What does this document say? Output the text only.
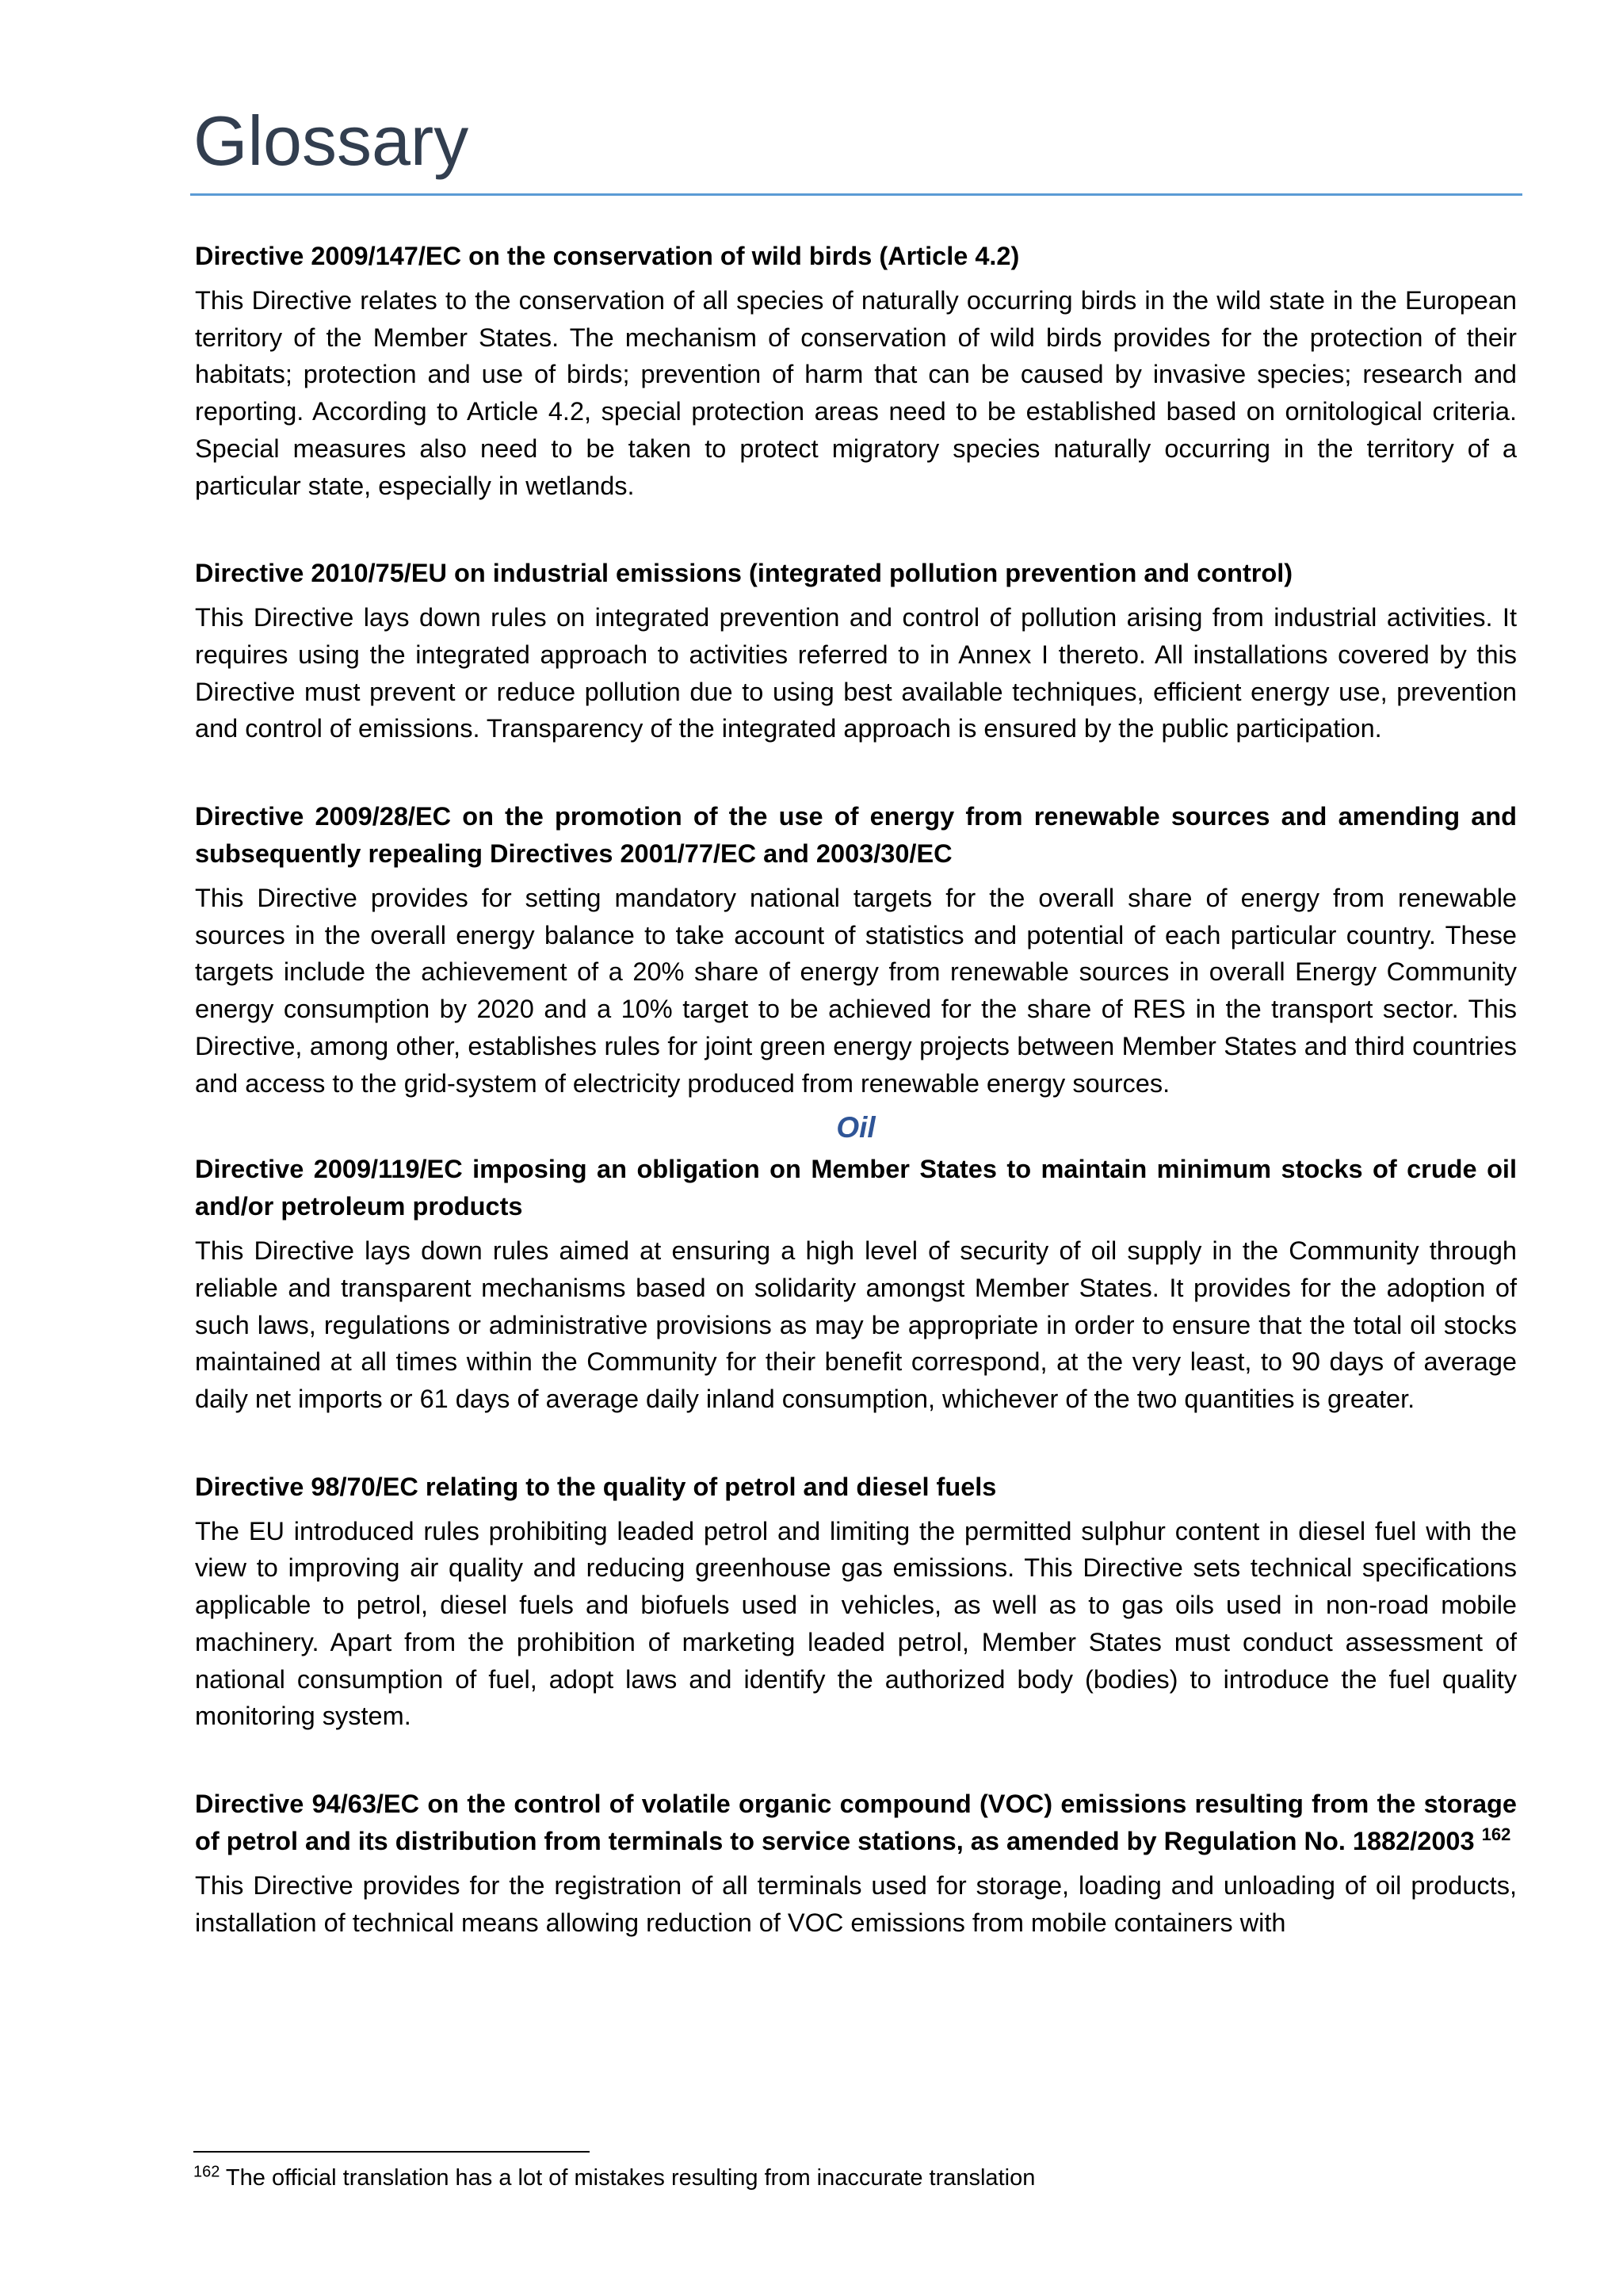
Glossary

Directive 2009/147/EC on the conservation of wild birds (Article 4.2)

This Directive relates to the conservation of all species of naturally occurring birds in the wild state in the European territory of the Member States. The mechanism of conservation of wild birds provides for the protection of their habitats; protection and use of birds; prevention of harm that can be caused by invasive species; research and reporting. According to Article 4.2, special protection areas need to be established based on ornitological criteria. Special measures also need to be taken to protect migratory species naturally occurring in the territory of a particular state, especially in wetlands.

Directive 2010/75/EU on industrial emissions (integrated pollution prevention and control)

This Directive lays down rules on integrated prevention and control of pollution arising from industrial activities. It requires using the integrated approach to activities referred to in Annex I thereto. All installations covered by this Directive must prevent or reduce pollution due to using best available techniques, efficient energy use, prevention and control of emissions. Transparency of the integrated approach is ensured by the public participation.

Directive 2009/28/EC on the promotion of the use of energy from renewable sources and amending and subsequently repealing Directives 2001/77/EC and 2003/30/EC

This Directive provides for setting mandatory national targets for the overall share of energy from renewable sources in the overall energy balance to take account of statistics and potential of each particular country. These targets include the achievement of a 20% share of energy from renewable sources in overall Energy Community energy consumption by 2020 and a 10% target to be achieved for the share of RES in the transport sector. This Directive, among other, establishes rules for joint green energy projects between Member States and third countries and access to the grid-system of electricity produced from renewable energy sources.

Oil

Directive 2009/119/EC imposing an obligation on Member States to maintain minimum stocks of crude oil and/or petroleum products

This Directive lays down rules aimed at ensuring a high level of security of oil supply in the Community through reliable and transparent mechanisms based on solidarity amongst Member States. It provides for the adoption of such laws, regulations or administrative provisions as may be appropriate in order to ensure that the total oil stocks maintained at all times within the Community for their benefit correspond, at the very least, to 90 days of average daily net imports or 61 days of average daily inland consumption, whichever of the two quantities is greater.

Directive 98/70/EC relating to the quality of petrol and diesel fuels

The EU introduced rules prohibiting leaded petrol and limiting the permitted sulphur content in diesel fuel with the view to improving air quality and reducing greenhouse gas emissions. This Directive sets technical specifications applicable to petrol, diesel fuels and biofuels used in vehicles, as well as to gas oils used in non-road mobile machinery. Apart from the prohibition of marketing leaded petrol, Member States must conduct assessment of national consumption of fuel, adopt laws and identify the authorized body (bodies) to introduce the fuel quality monitoring system.

Directive 94/63/EC on the control of volatile organic compound (VOC) emissions resulting from the storage of petrol and its distribution from terminals to service stations, as amended by Regulation No. 1882/2003 $^{162}$

This Directive provides for the registration of all terminals used for storage, loading and unloading of oil products, installation of technical means allowing reduction of VOC emissions from mobile containers with

$^{162}$ The official translation has a lot of mistakes resulting from inaccurate translation
